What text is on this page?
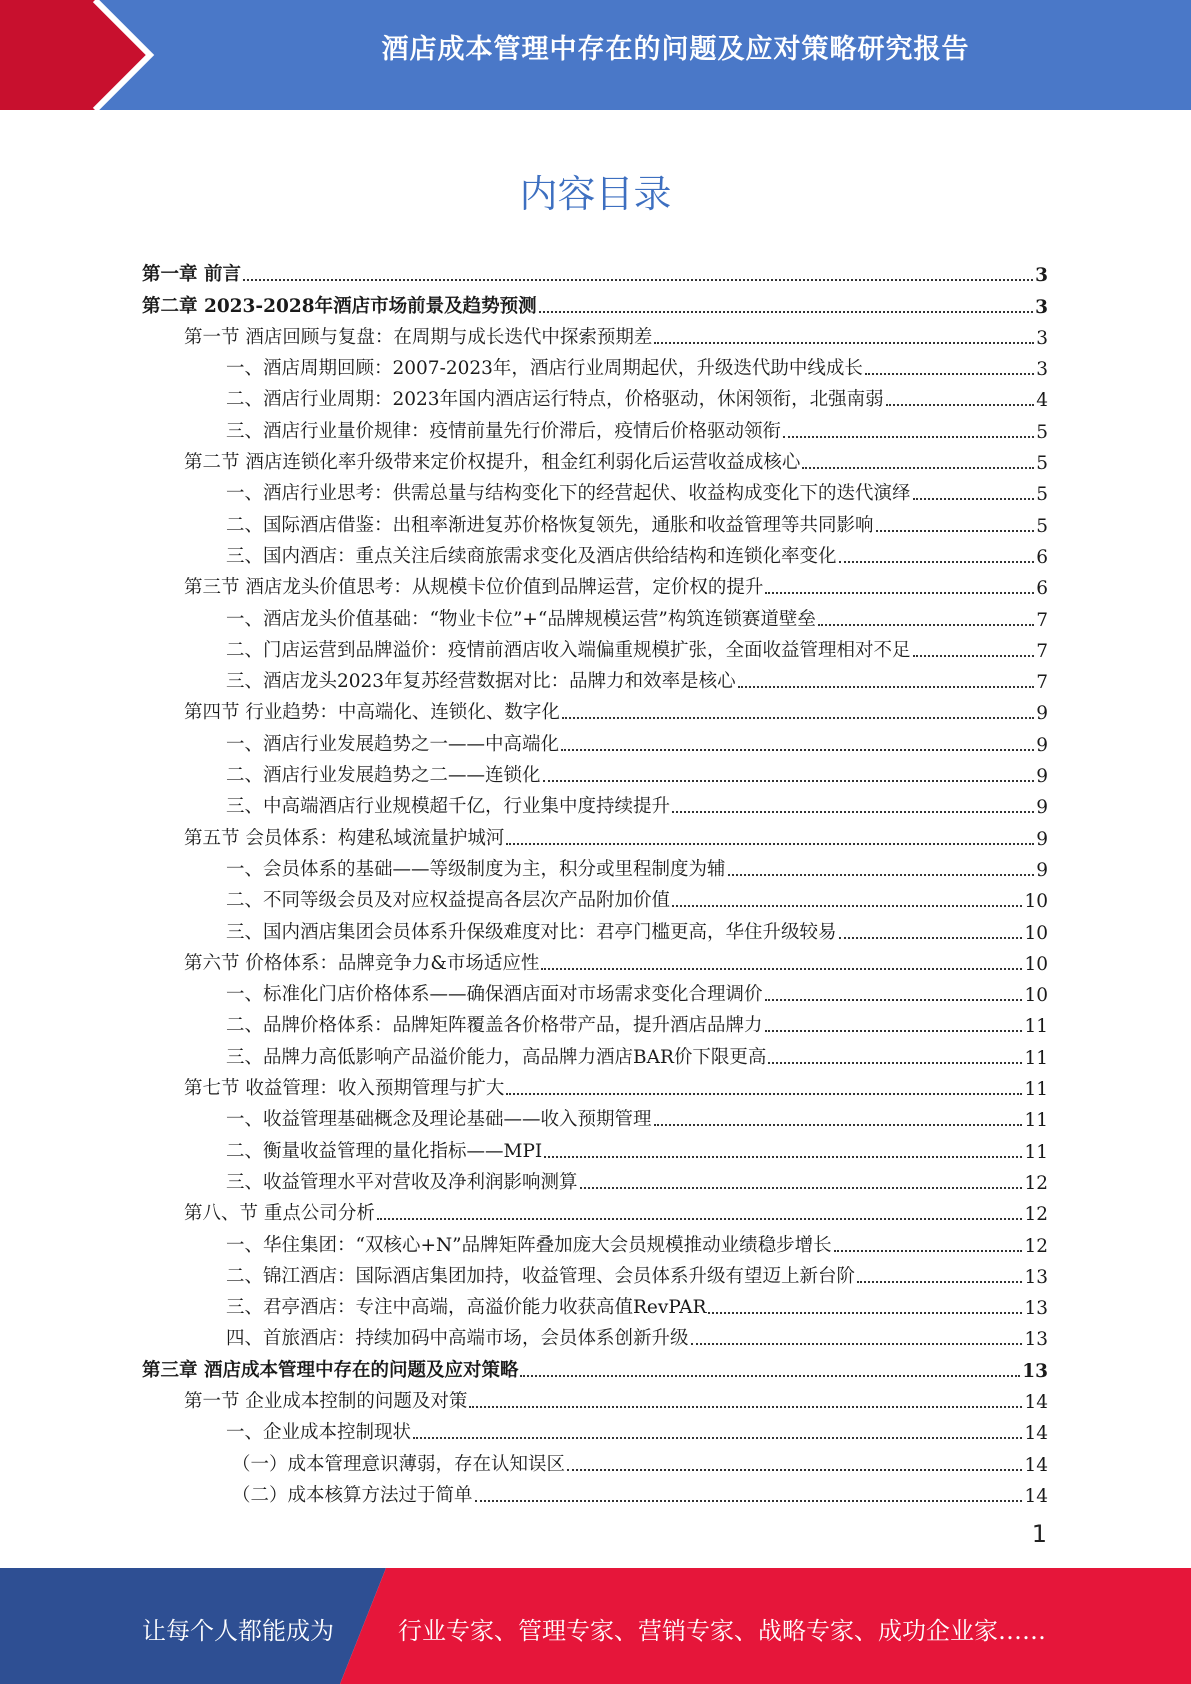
酒店成本管理中存在的问题及应对策略研究报告
内容目录
第一章 前言	3
第二章 2023-2028年酒店市场前景及趋势预测	3
第一节 酒店回顾与复盘：在周期与成长迭代中探索预期差	3
一、酒店周期回顾：2007-2023年，酒店行业周期起伏，升级迭代助中线成长	3
二、酒店行业周期：2023年国内酒店运行特点，价格驱动，休闲领衔，北强南弱	4
三、酒店行业量价规律：疫情前量先行价滞后，疫情后价格驱动领衔	5
第二节 酒店连锁化率升级带来定价权提升，租金红利弱化后运营收益成核心	5
一、酒店行业思考：供需总量与结构变化下的经营起伏、收益构成变化下的迭代演绎	5
二、国际酒店借鉴：出租率渐进复苏价格恢复领先，通胀和收益管理等共同影响	5
三、国内酒店：重点关注后续商旅需求变化及酒店供给结构和连锁化率变化	6
第三节 酒店龙头价值思考：从规模卡位价值到品牌运营，定价权的提升	6
一、酒店龙头价值基础：“物业卡位”+“品牌规模运营”构筑连锁赛道壁垒	7
二、门店运营到品牌溢价：疫情前酒店收入端偏重规模扩张，全面收益管理相对不足	7
三、酒店龙头2023年复苏经营数据对比：品牌力和效率是核心	7
第四节 行业趋势：中高端化、连锁化、数字化	9
一、酒店行业发展趋势之一——中高端化	9
二、酒店行业发展趋势之二——连锁化	9
三、中高端酒店行业规模超千亿，行业集中度持续提升	9
第五节 会员体系：构建私域流量护城河	9
一、会员体系的基础——等级制度为主，积分或里程制度为辅	9
二、不同等级会员及对应权益提高各层次产品附加价值	10
三、国内酒店集团会员体系升保级难度对比：君亭门槛更高，华住升级较易	10
第六节 价格体系：品牌竞争力&市场适应性	10
一、标准化门店价格体系——确保酒店面对市场需求变化合理调价	10
二、品牌价格体系：品牌矩阵覆盖各价格带产品，提升酒店品牌力	11
三、品牌力高低影响产品溢价能力，高品牌力酒店BAR价下限更高	11
第七节 收益管理：收入预期管理与扩大	11
一、收益管理基础概念及理论基础——收入预期管理	11
二、衡量收益管理的量化指标——MPI	11
三、收益管理水平对营收及净利润影响测算	12
第八、节 重点公司分析	12
一、华住集团：“双核心+N”品牌矩阵叠加庞大会员规模推动业绩稳步增长	12
二、锦江酒店：国际酒店集团加持，收益管理、会员体系升级有望迈上新台阶	13
三、君亭酒店：专注中高端，高溢价能力收获高值RevPAR	13
四、首旅酒店：持续加码中高端市场，会员体系创新升级	13
第三章 酒店成本管理中存在的问题及应对策略	13
第一节 企业成本控制的问题及对策	14
一、企业成本控制现状	14
（一）成本管理意识薄弱，存在认知误区	14
（二）成本核算方法过于简单	14
1
让每个人都能成为	行业专家、管理专家、营销专家、战略专家、成功企业家……
